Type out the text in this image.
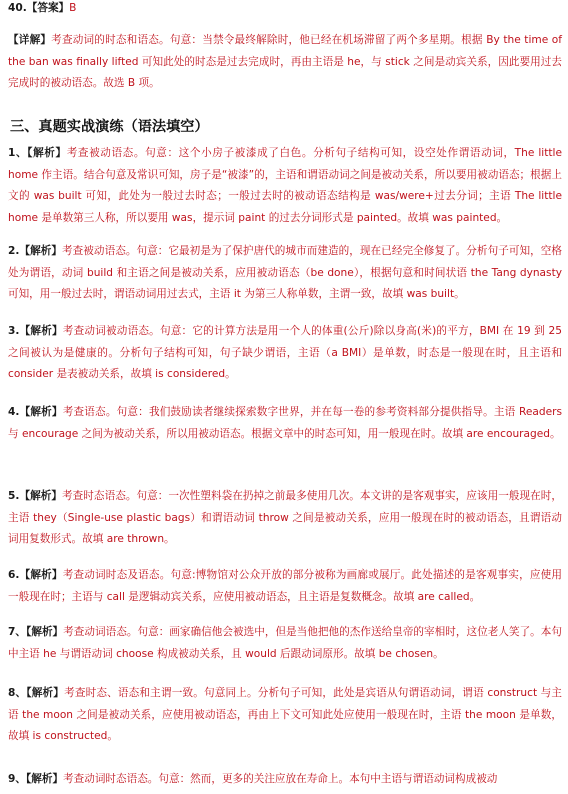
40.【答案】B

【详解】考查动词的时态和语态。句意：当禁令最终解除时，他已经在机场滞留了两个多星期。根据 By the time of the ban was finally lifted 可知此处的时态是过去完成时，再由主语是 he，与 stick 之间是动宾关系，因此要用过去完成时的被动语态。故选 B 项。

三、真题实战演练（语法填空）

1、【解析】考查被动语态。句意：这个小房子被漆成了白色。分析句子结构可知，设空处作谓语动词，The little home 作主语。结合句意及常识可知，房子是“被漆”的，主语和谓语动词之间是被动关系，所以要用被动语态；根据上文的 was built 可知，此处为一般过去时态；一般过去时的被动语态结构是 was/were+过去分词；主语 The little home 是单数第三人称，所以要用 was，提示词 paint 的过去分词形式是 painted。故填 was painted。

2.【解析】考查被动语态。句意：它最初是为了保护唐代的城市而建造的，现在已经完全修复了。分析句子可知，空格处为谓语，动词 build 和主语之间是被动关系，应用被动语态（be done），根据句意和时间状语 the Tang dynasty 可知，用一般过去时，谓语动词用过去式，主语 it 为第三人称单数，主谓一致，故填 was built。

3.【解析】考查动词被动语态。句意：它的计算方法是用一个人的体重(公斤)除以身高(米)的平方，BMI 在 19 到 25 之间被认为是健康的。分析句子结构可知，句子缺少谓语，主语（a BMI）是单数，时态是一般现在时，且主语和 consider 是表被动关系，故填 is considered。

4.【解析】考查语态。句意：我们鼓励读者继续探索数字世界，并在每一卷的参考资料部分提供指导。主语 Readers 与 encourage 之间为被动关系，所以用被动语态。根据文章中的时态可知，用一般现在时。故填 are encouraged。

5.【解析】考查时态语态。句意：一次性塑料袋在扔掉之前最多使用几次。本文讲的是客观事实，应该用一般现在时，主语 they（Single-use plastic bags）和谓语动词 throw 之间是被动关系，应用一般现在时的被动语态，且谓语动词用复数形式。故填 are thrown。

6.【解析】考查动词时态及语态。句意:博物馆对公众开放的部分被称为画廊或展厅。此处描述的是客观事实，应使用一般现在时；主语与 call 是逻辑动宾关系，应使用被动语态，且主语是复数概念。故填 are called。

7、【解析】考查动词语态。句意：画家确信他会被选中，但是当他把他的杰作送给皇帝的宰相时，这位老人笑了。本句中主语 he 与谓语动词 choose 构成被动关系，且 would 后跟动词原形。故填 be chosen。

8、【解析】考查时态、语态和主谓一致。句意同上。分析句子可知，此处是宾语从句谓语动词，谓语 construct 与主语 the moon 之间是被动关系，应使用被动语态，再由上下文可知此处应使用一般现在时，主语 the moon 是单数，故填 is constructed。

9、【解析】考查动词时态语态。句意：然而，更多的关注应放在寿命上。本句中主语与谓语动词构成被动
